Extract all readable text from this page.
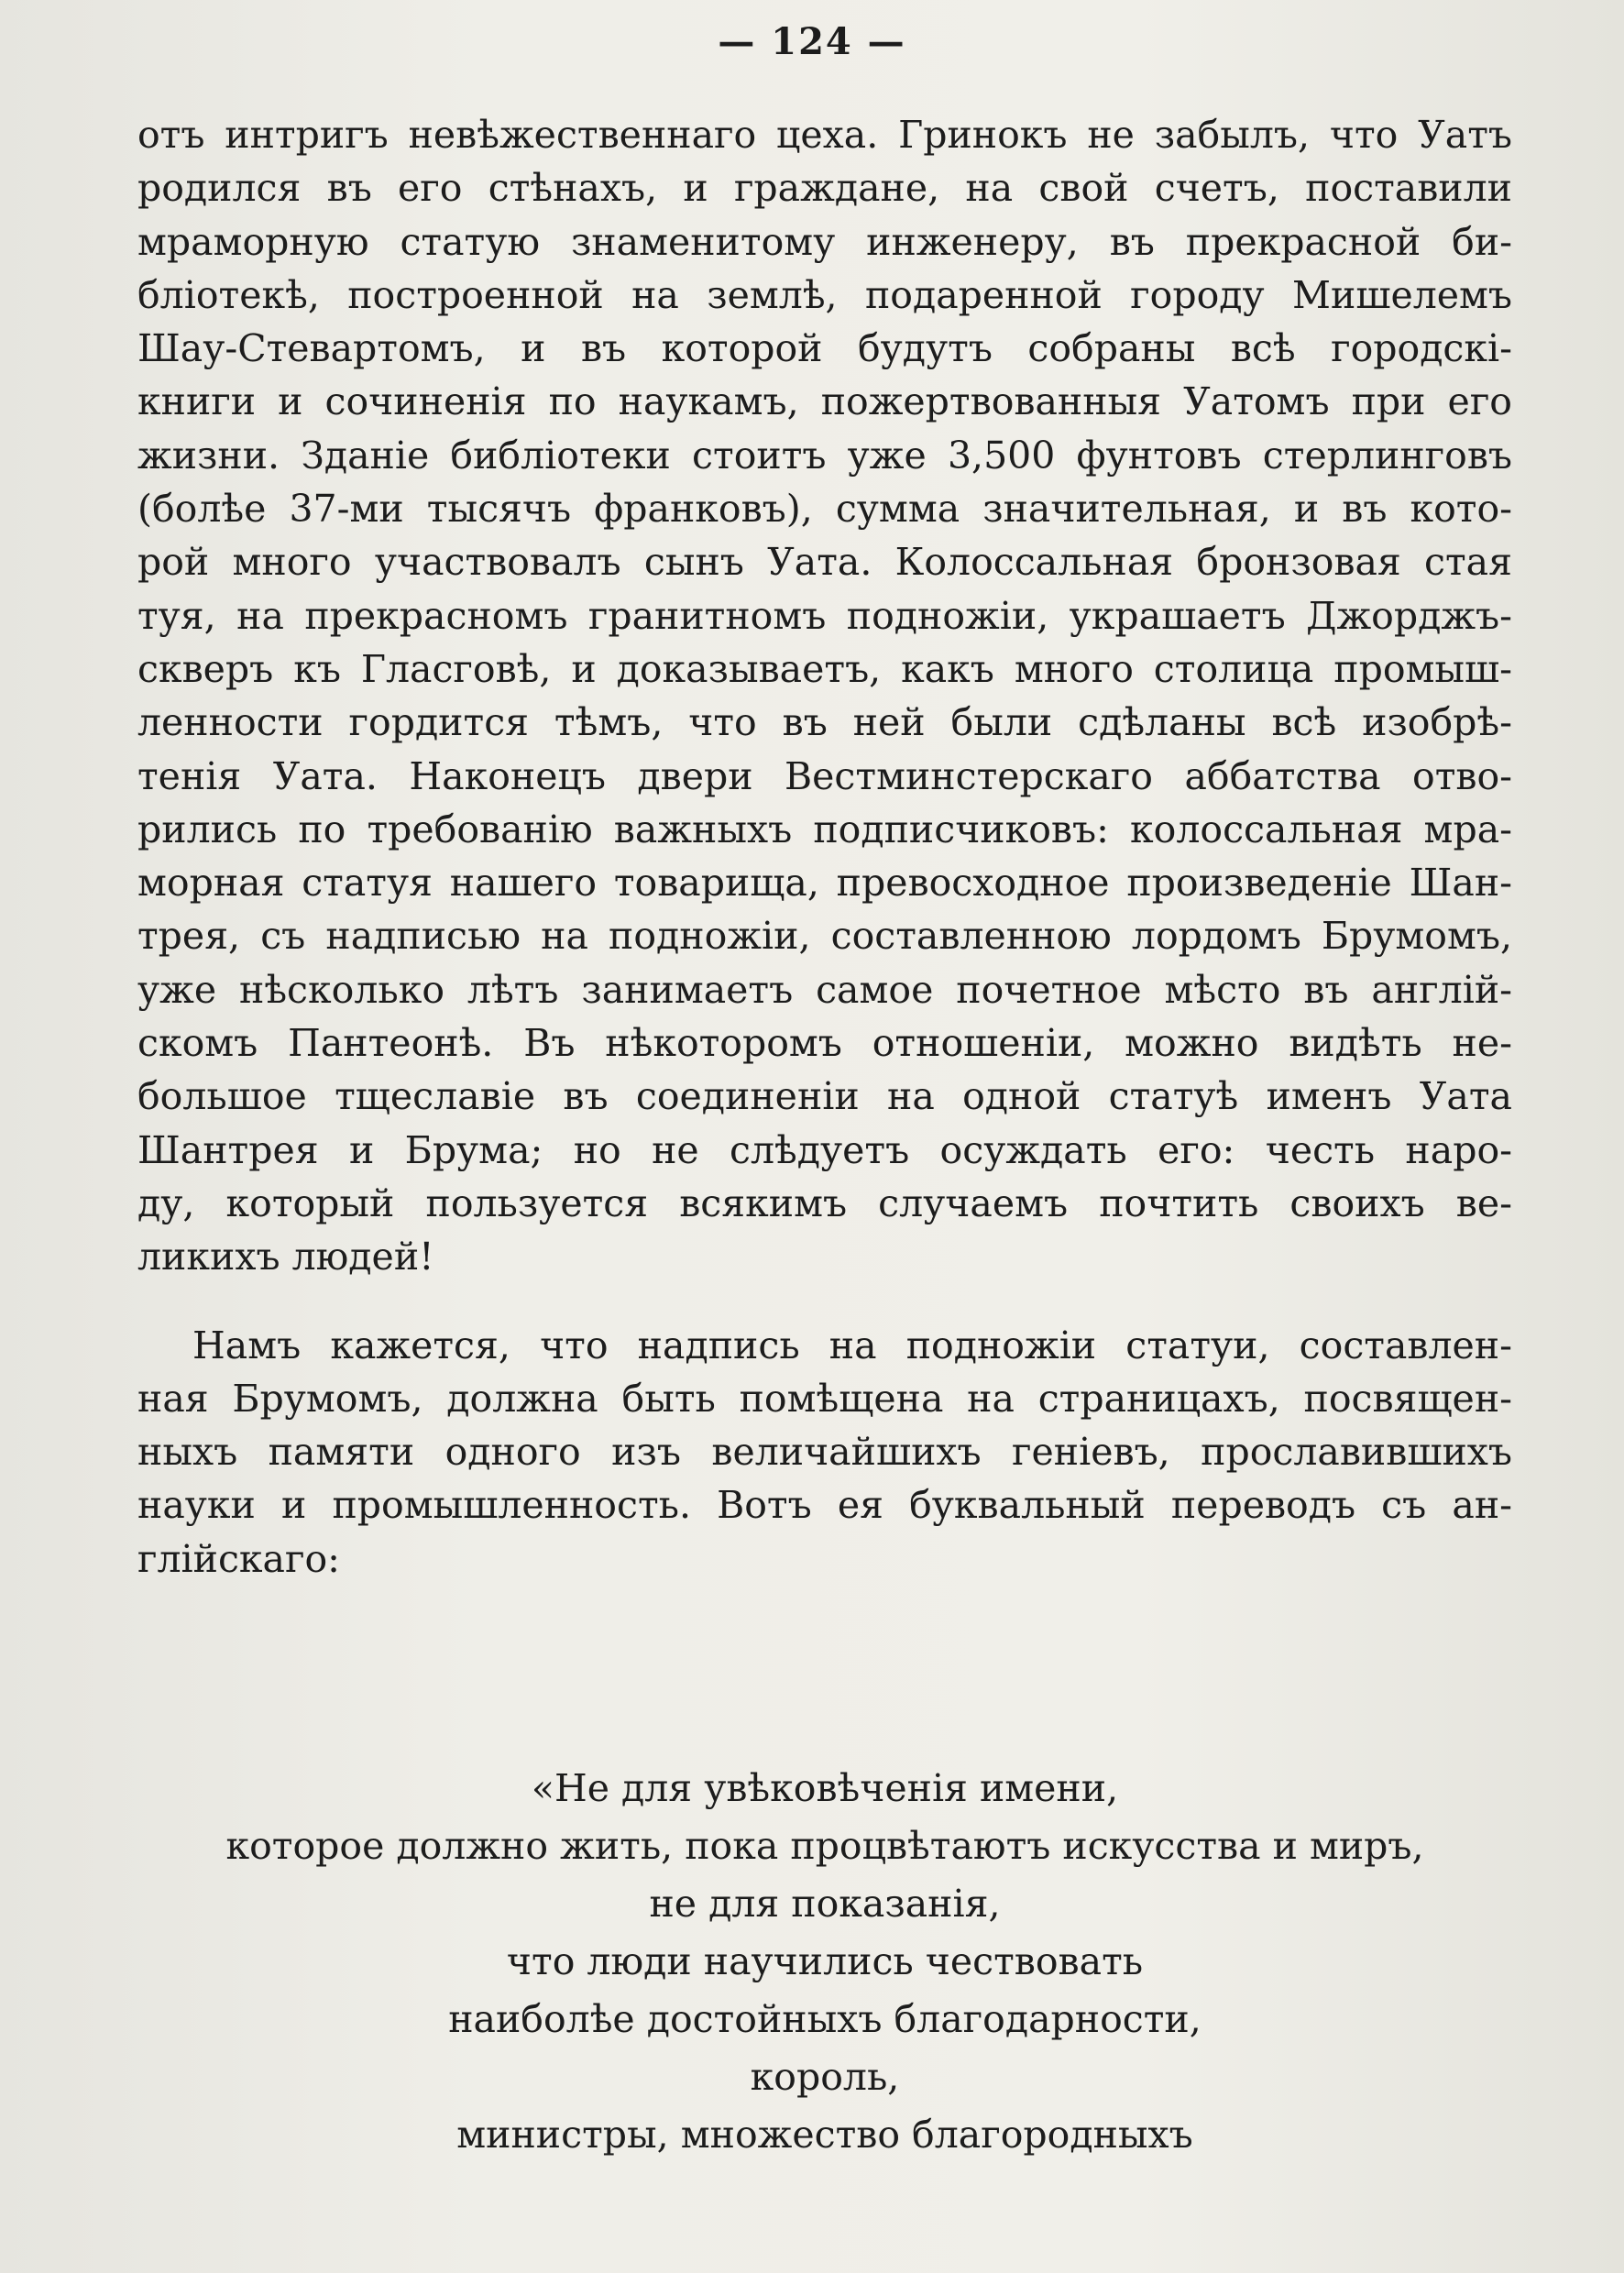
— 124 —
отъ интригъ невѣжественнаго цеха. Гринокъ не забылъ, что Уатъ
родился въ его стѣнахъ, и граждане, на свой счетъ, поставили
мраморную статую знаменитому инженеру, въ прекрасной би-
бліотекѣ, построенной на землѣ, подаренной городу Мишелемъ
Шау-Стевартомъ, и въ которой будутъ собраны всѣ городскі-
книги и сочиненія по наукамъ, пожертвованныя Уатомъ при его
жизни. Зданіе библіотеки стоитъ уже 3,500 фунтовъ стерлинговъ
(болѣе 37-ми тысячъ франковъ), сумма значительная, и въ кото-
рой много участвовалъ сынъ Уата. Колоссальная бронзовая стая
туя, на прекрасномъ гранитномъ подножіи, украшаетъ Джорджъ-
скверъ къ Гласговѣ, и доказываетъ, какъ много столица промыш-
ленности гордится тѣмъ, что въ ней были сдѣланы всѣ изобрѣ-
тенія Уата. Наконецъ двери Вестминстерскаго аббатства отво-
рились по требованію важныхъ подписчиковъ: колоссальная мра-
морная статуя нашего товарища, превосходное произведеніе Шан-
трея, съ надписью на подножіи, составленною лордомъ Брумомъ,
уже нѣсколько лѣтъ занимаетъ самое почетное мѣсто въ англій-
скомъ Пантеонѣ. Въ нѣкоторомъ отношеніи, можно видѣть не-
большое тщеславіе въ соединеніи на одной статуѣ именъ Уата
Шантрея и Брума; но не слѣдуетъ осуждать его: честь наро-
ду, который пользуется всякимъ случаемъ почтить своихъ ве-
ликихъ людей!
Намъ кажется, что надпись на подножіи статуи, составлен-
ная Брумомъ, должна быть помѣщена на страницахъ, посвящен-
ныхъ памяти одного изъ величайшихъ геніевъ, прославившихъ
науки и промышленность. Вотъ ея буквальный переводъ съ ан-
глійскаго:
«Не для увѣковѣченія имени,
которое должно жить, пока процвѣтаютъ искусства и миръ,
не для показанія,
что люди научились чествовать
наиболѣе достойныхъ благодарности,
король,
министры, множество благородныхъ
